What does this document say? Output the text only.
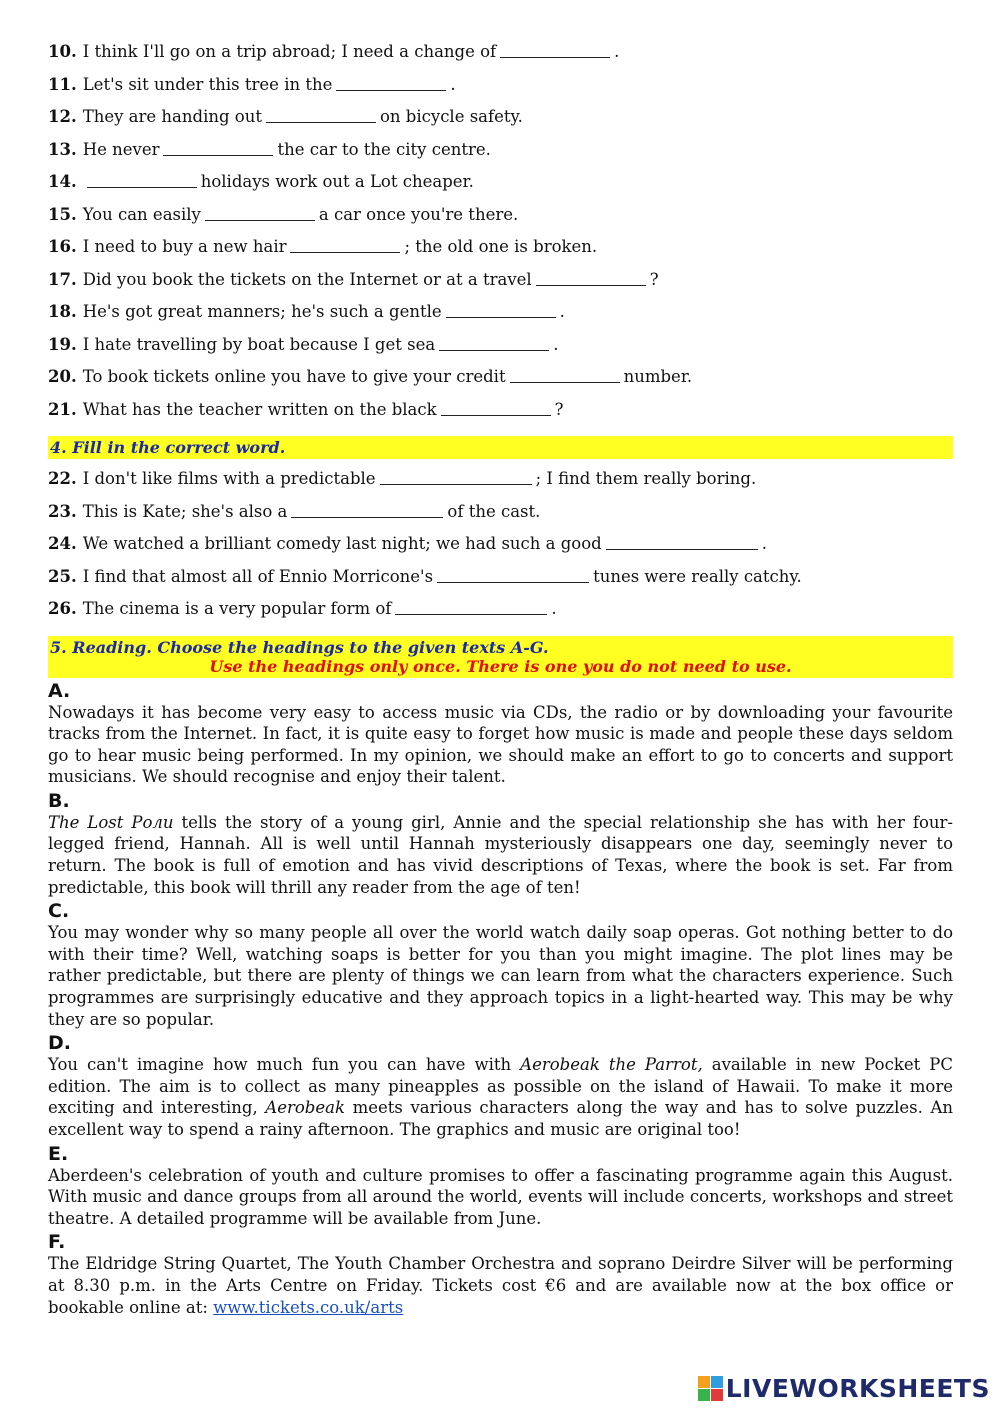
10. I think I'll go on a trip abroad; I need a change of	.
11. Let's sit under this tree in the	.
12. They are handing out	on bicycle safety.
13. He never	the car to the city centre.
14.	holidays work out a Lot cheaper.
15. You can easily	a car once you're there.
16. I need to buy a new hair	; the old one is broken.
17. Did you book the tickets on the Internet or at a travel	?
18. He's got great manners; he's such a gentle	.
19. I hate travelling by boat because I get sea	.
20. To book tickets online you have to give your credit	number.
21. What has the teacher written on the black	?
4. Fill in the correct word.
22. I don't like films with a predictable	; I find them really boring.
23. This is Kate; she's also a	of the cast.
24. We watched a brilliant comedy last night; we had such a good	.
25. I find that almost all of Ennio Morricone's	tunes were really catchy.
26. The cinema is a very popular form of	.
5. Reading. Choose the headings to the given texts A-G.
Use the headings only once. There is one you do not need to use.
A.
Nowadays it has become very easy to access music via CDs, the radio or by downloading your favourite tracks from the Internet. In fact, it is quite easy to forget how music is made and people these days seldom go to hear music being performed. In my opinion, we should make an effort to go to concerts and support musicians. We should recognise and enjoy their talent.
B.
The Lost Роли tells the story of a young girl, Annie and the special relationship she has with her four-legged friend, Hannah. All is well until Hannah mysteriously disappears one day, seemingly never to return. The book is full of emotion and has vivid descriptions of Texas, where the book is set. Far from predictable, this book will thrill any reader from the age of ten!
C.
You may wonder why so many people all over the world watch daily soap operas. Got nothing better to do with their time? Well, watching soaps is better for you than you might imagine. The plot lines may be rather predictable, but there are plenty of things we can learn from what the characters experience. Such programmes are surprisingly educative and they approach topics in a light-hearted way. This may be why they are so popular.
D.
You can't imagine how much fun you can have with Aerobeak the Parrot, available in new Pocket PC edition. The aim is to collect as many pineapples as possible on the island of Hawaii. To make it more exciting and interesting, Aerobeak meets various characters along the way and has to solve puzzles. An excellent way to spend a rainy afternoon. The graphics and music are original too!
E.
Aberdeen's celebration of youth and culture promises to offer a fascinating programme again this August. With music and dance groups from all around the world, events will include concerts, workshops and street theatre. A detailed programme will be available from June.
F.
The Eldridge String Quartet, The Youth Chamber Orchestra and soprano Deirdre Silver will be performing at 8.30 p.m. in the Arts Centre on Friday. Tickets cost €6 and are available now at the box office or bookable online at: www.tickets.co.uk/arts
LIVEWORKSHEETS
